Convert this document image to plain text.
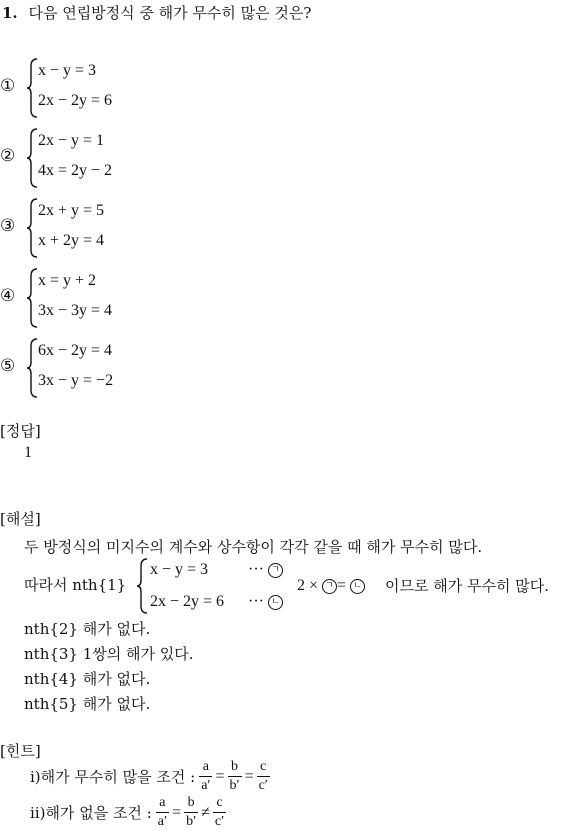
1. 다음 연립방정식 중 해가 무수히 많은 것은?
①
x − y = 3
2x − 2y = 6
②
2x − y = 1
4x = 2y − 2
③
2x + y = 5
x + 2y = 4
④
x = y + 2
3x − 3y = 4
⑤
6x − 2y = 4
3x − y = −2
[정답]
1
[해설]
두 방정식의 미지수의 계수와 상수항이 각각 같을 때 해가 무수히 많다.
따라서 nth{1}
x − y = 3 ··· ㄱ
2x − 2y = 6 ··· ㄴ
2 × ㄱ = ㄴ 이므로 해가 무수히 많다.
nth{2} 해가 없다.
nth{3} 1쌍의 해가 있다.
nth{4} 해가 없다.
nth{5} 해가 없다.
[힌트]
ⅰ)해가 무수히 많을 조건 : $\frac{a}{a'} = \frac{b}{b'} = \frac{c}{c'}$
ⅱ)해가 없을 조건 : $\frac{a}{a'} = \frac{b}{b'} \ne \frac{c}{c'}$
